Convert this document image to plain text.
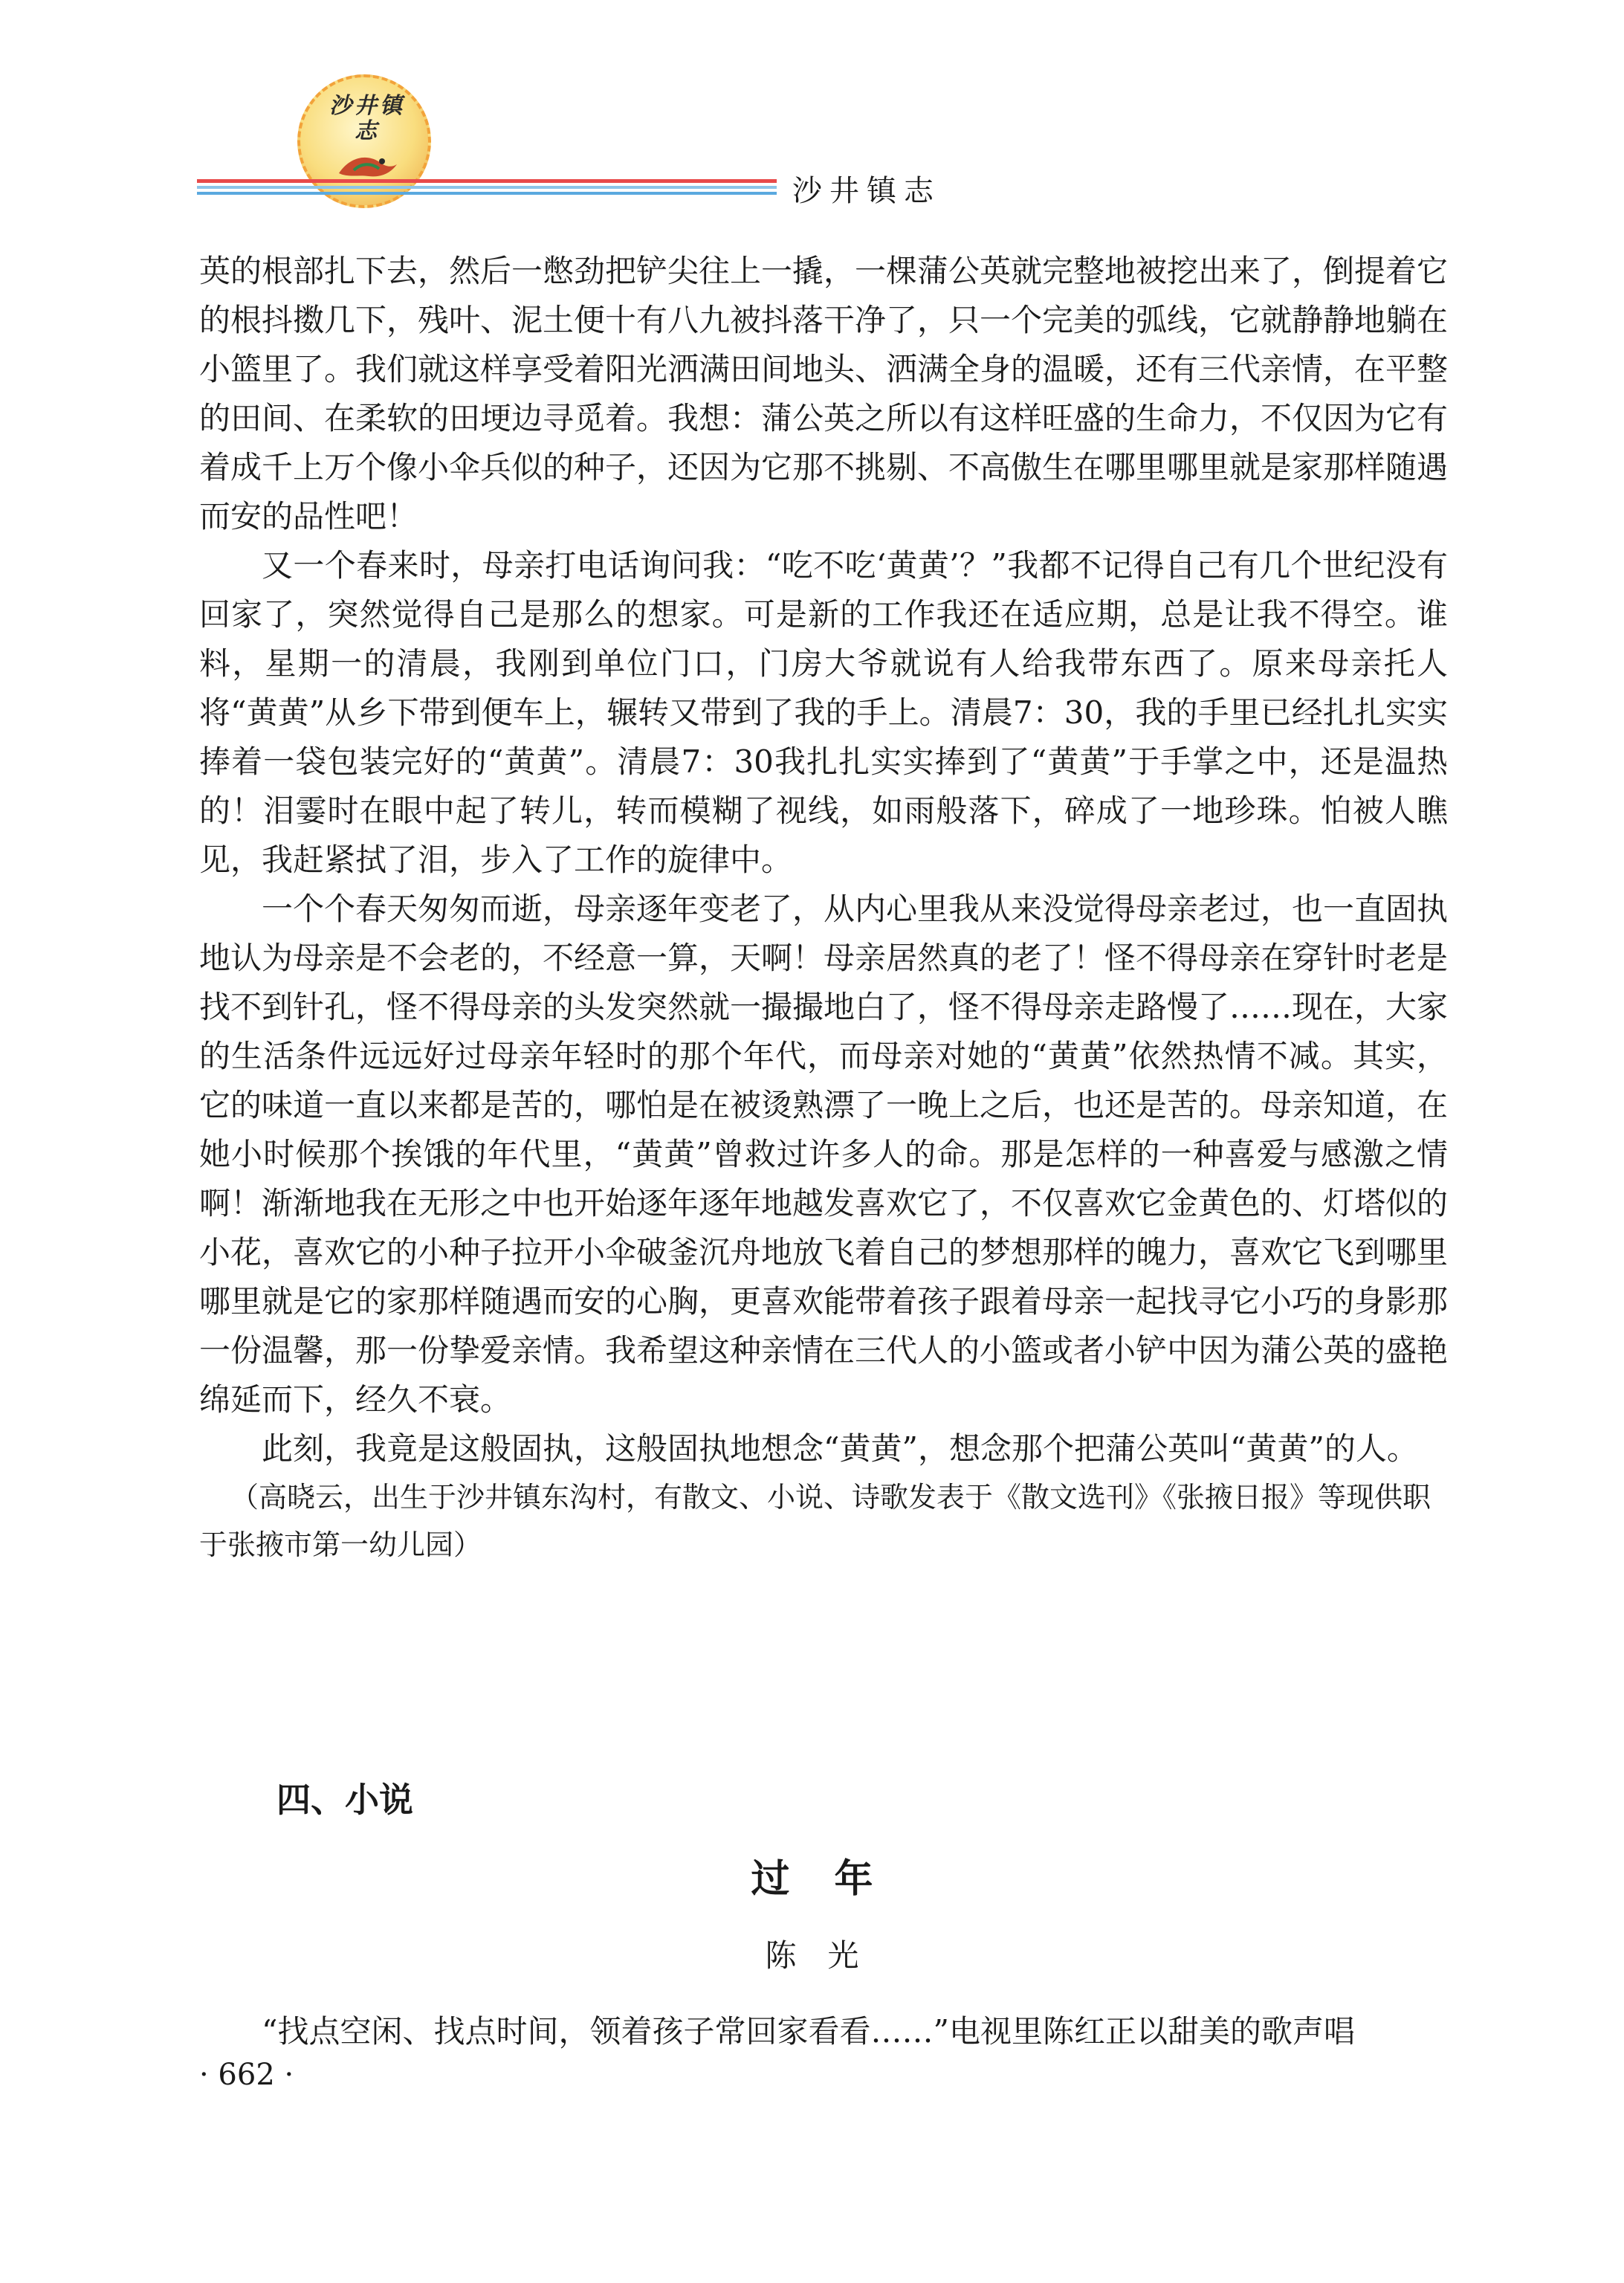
沙井镇志
沙井镇志

英的根部扎下去，然后一憋劲把铲尖往上一撬，一棵蒲公英就完整地被挖出来了，倒提着它的根抖擞几下，残叶、泥土便十有八九被抖落干净了，只一个完美的弧线，它就静静地躺在小篮里了。我们就这样享受着阳光洒满田间地头、洒满全身的温暖，还有三代亲情，在平整的田间、在柔软的田埂边寻觅着。我想：蒲公英之所以有这样旺盛的生命力，不仅因为它有着成千上万个像小伞兵似的种子，还因为它那不挑剔、不高傲生在哪里哪里就是家那样随遇而安的品性吧！

又一个春来时，母亲打电话询问我：“吃不吃‘黄黄’？”我都不记得自己有几个世纪没有回家了，突然觉得自己是那么的想家。可是新的工作我还在适应期，总是让我不得空。谁料，星期一的清晨，我刚到单位门口，门房大爷就说有人给我带东西了。原来母亲托人将“黄黄”从乡下带到便车上，辗转又带到了我的手上。清晨7：30，我的手里已经扎扎实实捧着一袋包装完好的“黄黄”。清晨7：30我扎扎实实捧到了“黄黄”于手掌之中，还是温热的！泪霎时在眼中起了转儿，转而模糊了视线，如雨般落下，碎成了一地珍珠。怕被人瞧见，我赶紧拭了泪，步入了工作的旋律中。

一个个春天匆匆而逝，母亲逐年变老了，从内心里我从来没觉得母亲老过，也一直固执地认为母亲是不会老的，不经意一算，天啊！母亲居然真的老了！怪不得母亲在穿针时老是找不到针孔，怪不得母亲的头发突然就一撮撮地白了，怪不得母亲走路慢了……现在，大家的生活条件远远好过母亲年轻时的那个年代，而母亲对她的“黄黄”依然热情不减。其实，它的味道一直以来都是苦的，哪怕是在被烫熟漂了一晚上之后，也还是苦的。母亲知道，在她小时候那个挨饿的年代里，“黄黄”曾救过许多人的命。那是怎样的一种喜爱与感激之情啊！渐渐地我在无形之中也开始逐年逐年地越发喜欢它了，不仅喜欢它金黄色的、灯塔似的小花，喜欢它的小种子拉开小伞破釜沉舟地放飞着自己的梦想那样的魄力，喜欢它飞到哪里哪里就是它的家那样随遇而安的心胸，更喜欢能带着孩子跟着母亲一起找寻它小巧的身影那一份温馨，那一份挚爱亲情。我希望这种亲情在三代人的小篮或者小铲中因为蒲公英的盛艳绵延而下，经久不衰。

此刻，我竟是这般固执，这般固执地想念“黄黄”，想念那个把蒲公英叫“黄黄”的人。

（高晓云，出生于沙井镇东沟村，有散文、小说、诗歌发表于《散文选刊》《张掖日报》等现供职于张掖市第一幼儿园）

四、小说
过年
陈光

“找点空闲、找点时间，领着孩子常回家看看……”电视里陈红正以甜美的歌声唱

· 662 ·
